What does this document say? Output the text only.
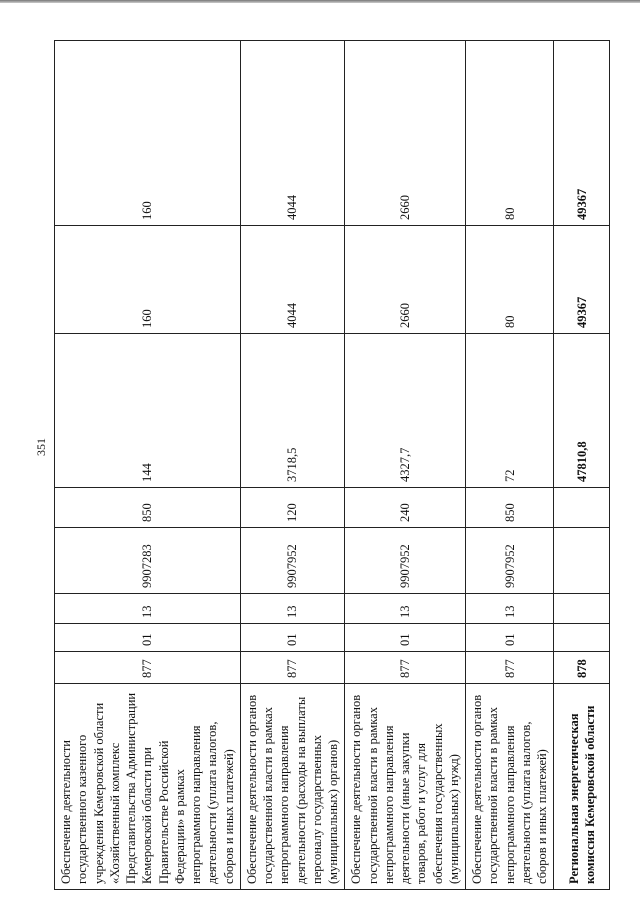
351
Обеспечение деятельности государственного казенного учреждения Кемеровской области «Хозяйственный комплекс Представительства Администрации Кемеровской области при Правительстве Российской Федерации» в рамках непрограммного направления деятельности (уплата налогов, сборов и иных платежей)	877	01	13	9907283	850	144	160	160
Обеспечение деятельности органов государственной власти в рамках непрограммного направления деятельности (расходы на выплаты персоналу государственных (муниципальных) органов)	877	01	13	9907952	120	3718,5	4044	4044
Обеспечение деятельности органов государственной власти в рамках непрограммного направления деятельности (иные закупки товаров, работ и услуг для обеспечения государственных (муниципальных) нужд)	877	01	13	9907952	240	4327,7	2660	2660
Обеспечение деятельности органов государственной власти в рамках непрограммного направления деятельности (уплата налогов, сборов и иных платежей)	877	01	13	9907952	850	72	80	80
Региональная энергетическая комиссия Кемеровской области	878					47810,8	49367	49367
